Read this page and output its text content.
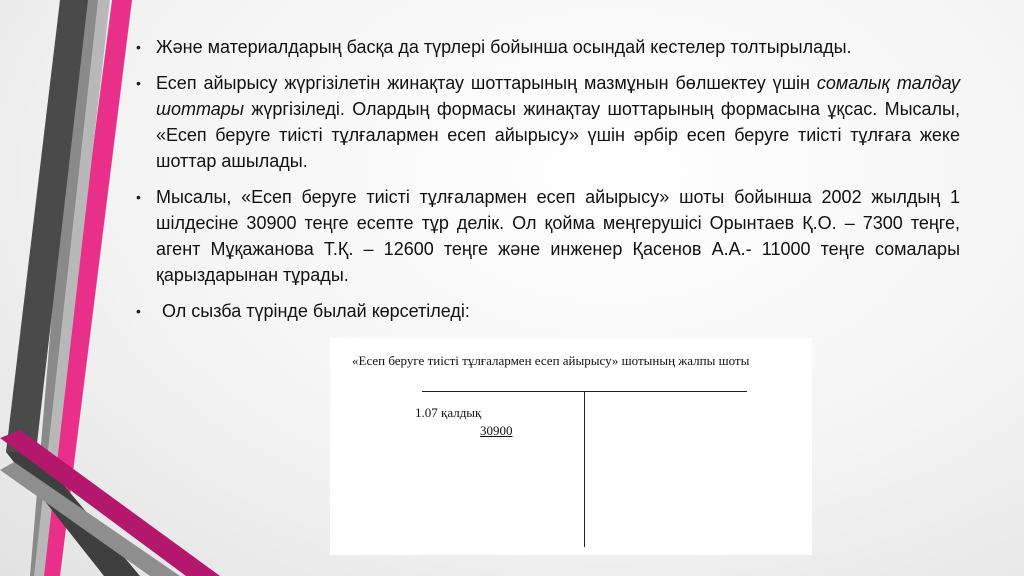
• Және материалдарың басқа да түрлері бойынша осындай кестелер толтырылады.
• Есеп айырысу жүргізілетін жинақтау шоттарының мазмұнын бөлшектеу үшін сомалық талдау шоттары жүргізіледі. Олардың формасы жинақтау шоттарының формасына ұқсас. Мысалы, «Есеп беруге тиісті тұлғалармен есеп айырысу» үшін әрбір есеп беруге тиісті тұлғаға жеке шоттар ашылады.
• Мысалы, «Есеп беруге тиісті тұлғалармен есеп айырысу» шоты бойынша 2002 жылдың 1 шілдесіне 30900 теңге есепте тұр делік. Ол қойма меңгерушісі Орынтаев Қ.О. – 7300 теңге, агент Мұқажанова Т.Қ. – 12600 теңге және инженер Қасенов А.А.- 11000 теңге сомалары қарыздарынан тұрады.
• Ол сызба түрінде былай көрсетіледі:
«Есеп беруге тиісті тұлғалармен есеп айырысу» шотының жалпы шоты
1.07 қалдық
30900
